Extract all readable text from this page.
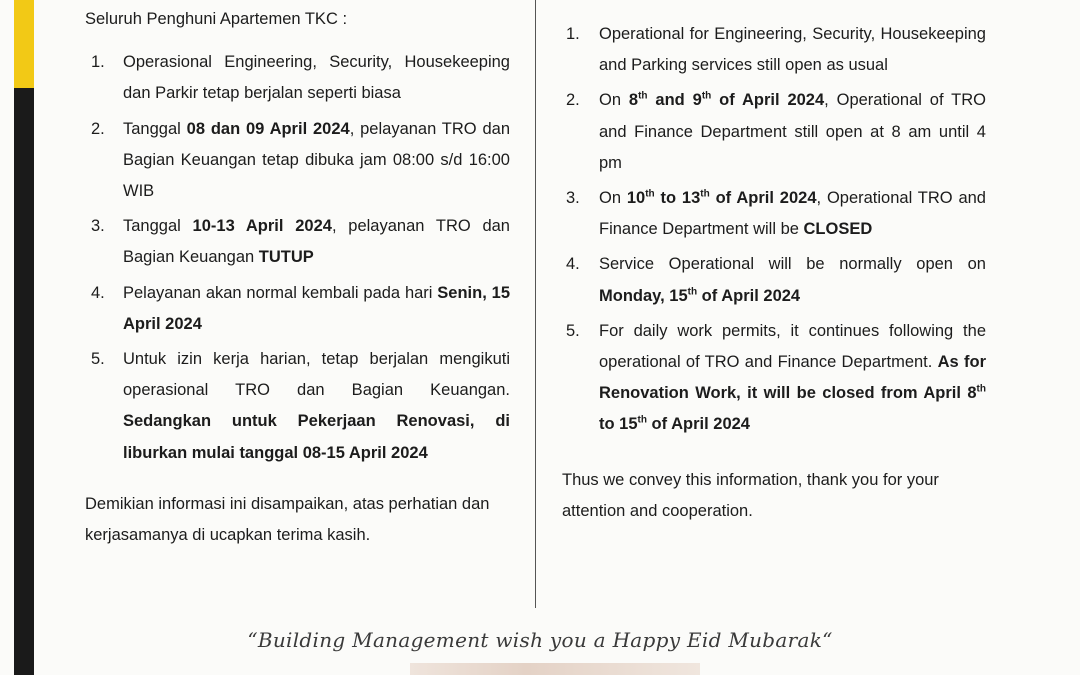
Seluruh Penghuni Apartemen TKC :
1. Operasional Engineering, Security, Housekeeping dan Parkir tetap berjalan seperti biasa
2. Tanggal 08 dan 09 April 2024, pelayanan TRO dan Bagian Keuangan tetap dibuka jam 08:00 s/d 16:00 WIB
3. Tanggal 10-13 April 2024, pelayanan TRO dan Bagian Keuangan TUTUP
4. Pelayanan akan normal kembali pada hari Senin, 15 April 2024
5. Untuk izin kerja harian, tetap berjalan mengikuti operasional TRO dan Bagian Keuangan. Sedangkan untuk Pekerjaan Renovasi, di liburkan mulai tanggal 08-15 April 2024
Demikian informasi ini disampaikan, atas perhatian dan kerjasamanya di ucapkan terima kasih.
1. Operational for Engineering, Security, Housekeeping and Parking services still open as usual
2. On 8th and 9th of April 2024, Operational of TRO and Finance Department still open at 8 am until 4 pm
3. On 10th to 13th of April 2024, Operational TRO and Finance Department will be CLOSED
4. Service Operational will be normally open on Monday, 15th of April 2024
5. For daily work permits, it continues following the operational of TRO and Finance Department. As for Renovation Work, it will be closed from April 8th to 15th of April 2024
Thus we convey this information, thank you for your attention and cooperation.
“Building Management wish you a Happy Eid Mubarak“
